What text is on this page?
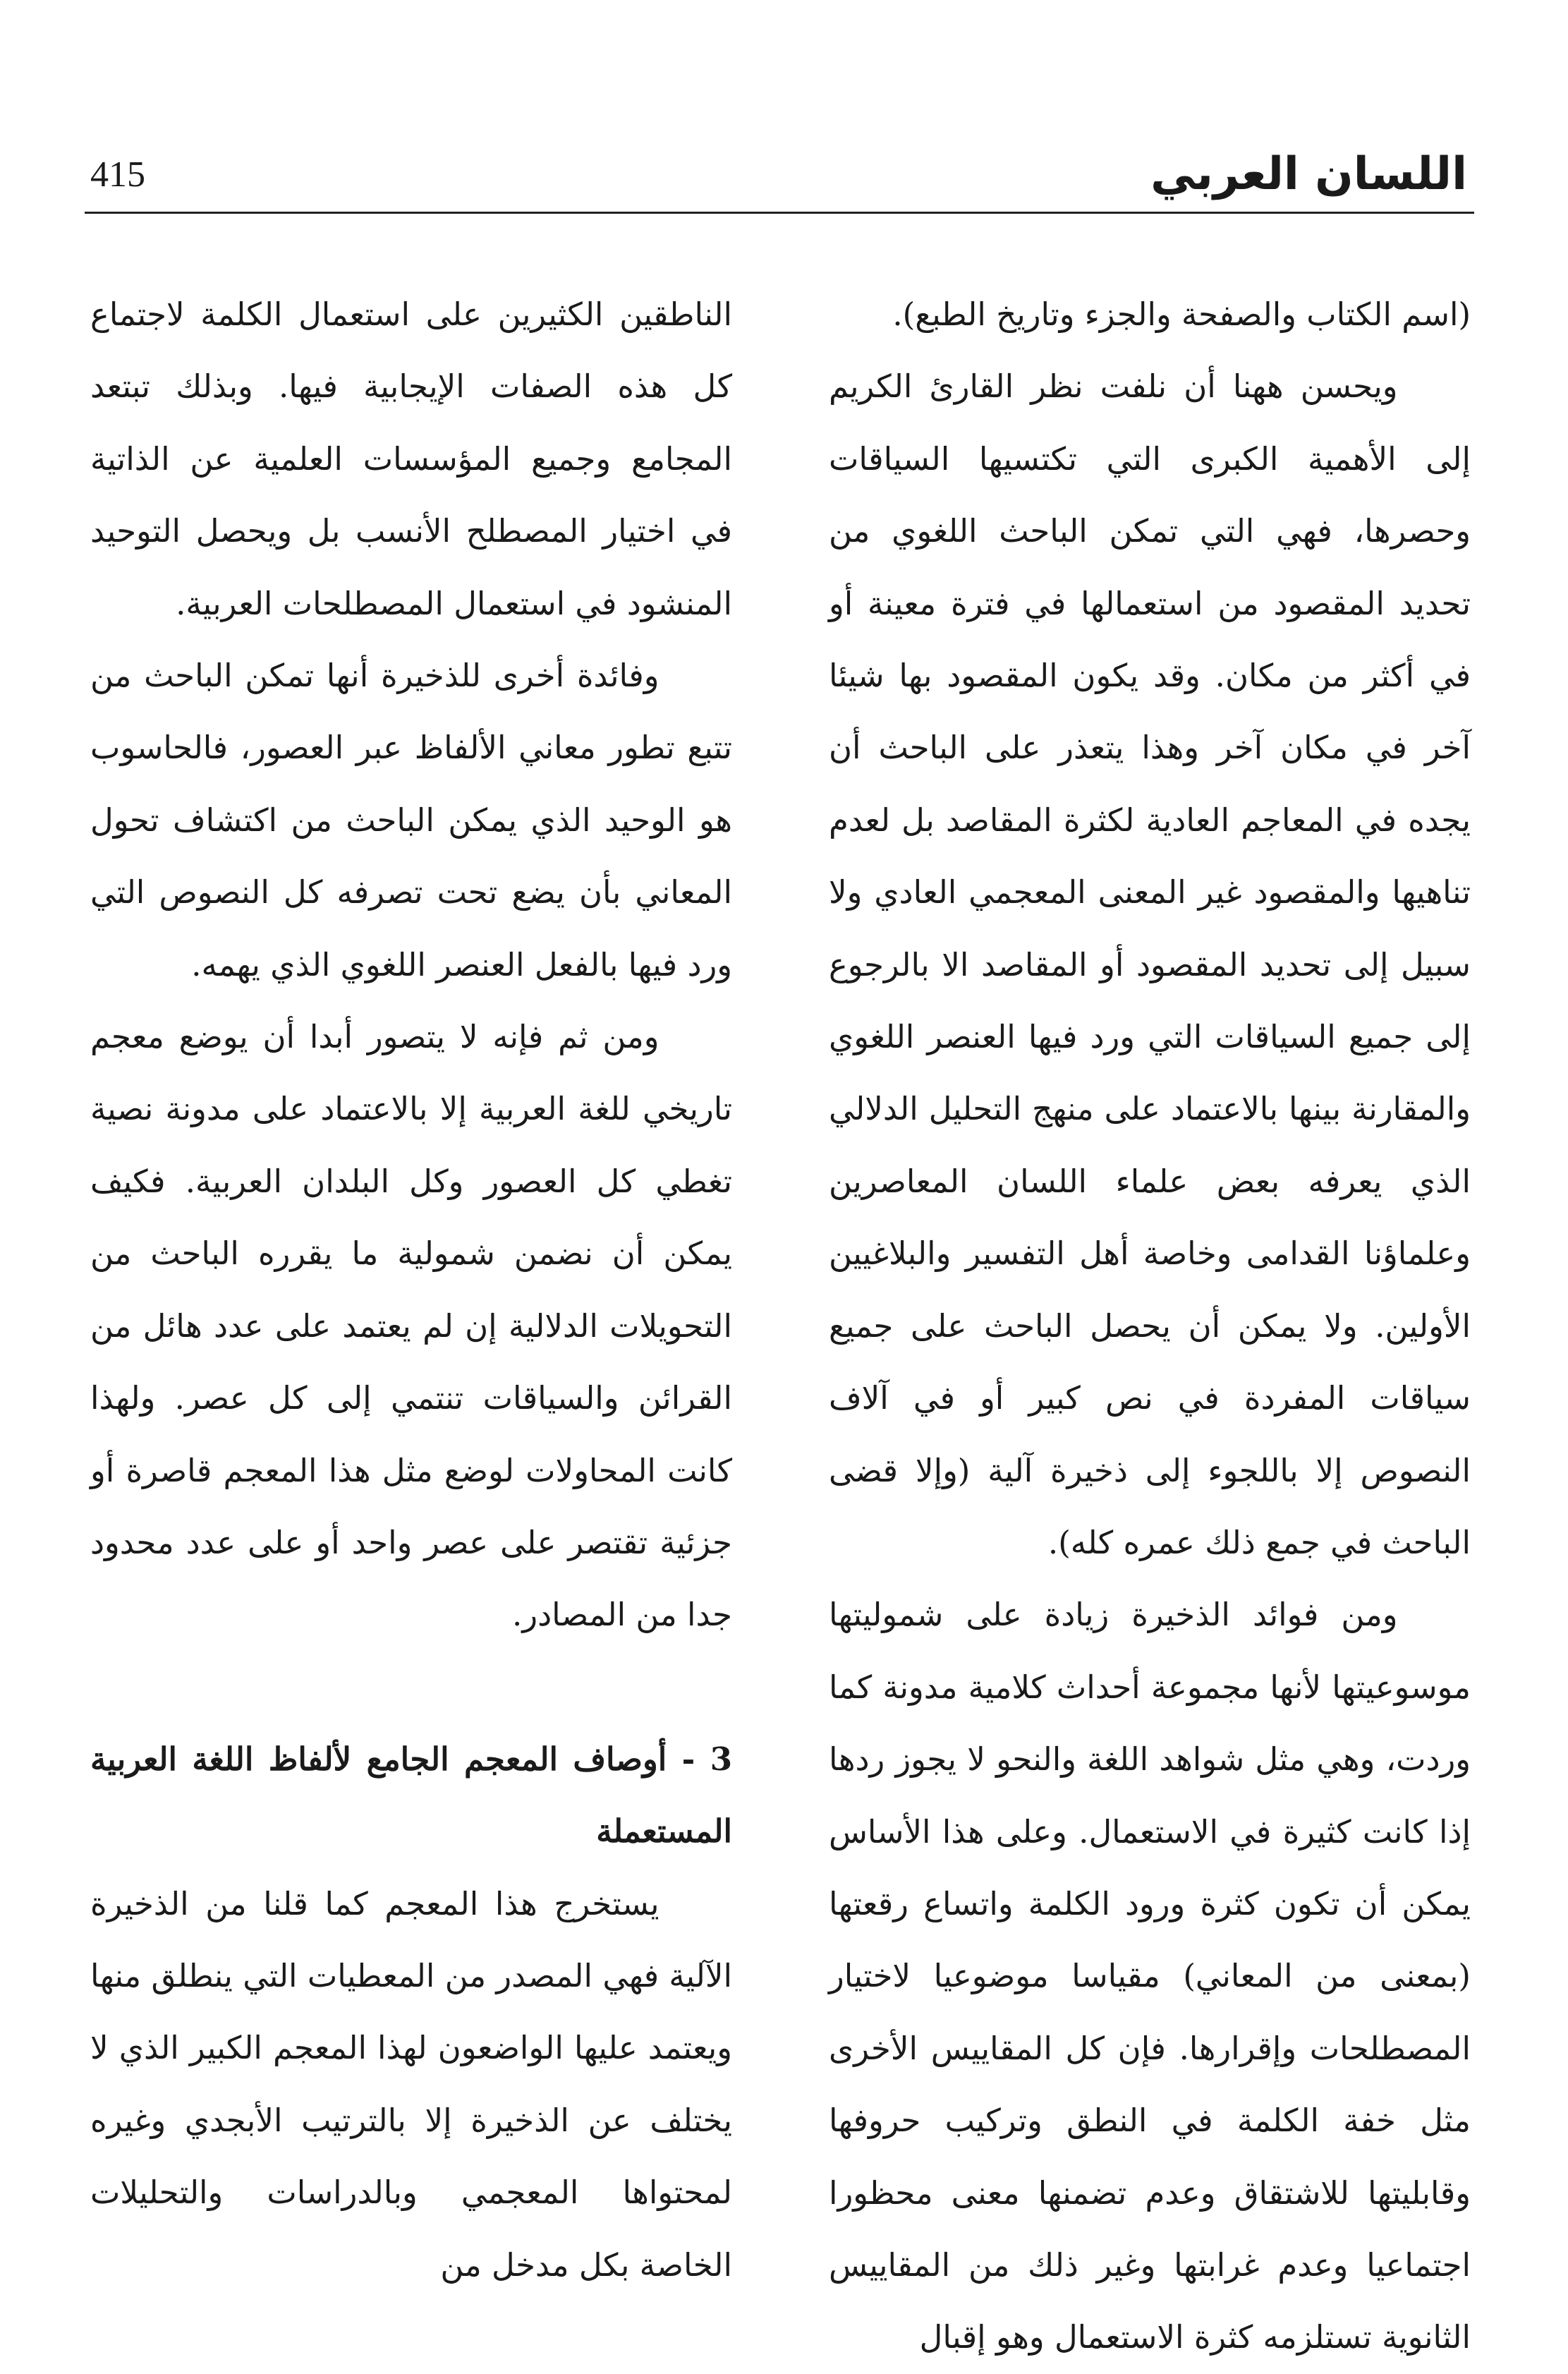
415	اللسان العربي

(اسم الكتاب والصفحة والجزء وتاريخ الطبع).

ويحسن ههنا أن نلفت نظر القارئ الكريم إلى الأهمية الكبرى التي تكتسيها السياقات وحصرها، فهي التي تمكن الباحث اللغوي من تحديد المقصود من استعمالها في فترة معينة أو في أكثر من مكان. وقد يكون المقصود بها شيئا آخر في مكان آخر وهذا يتعذر على الباحث أن يجده في المعاجم العادية لكثرة المقاصد بل لعدم تناهيها والمقصود غير المعنى المعجمي العادي ولا سبيل إلى تحديد المقصود أو المقاصد الا بالرجوع إلى جميع السياقات التي ورد فيها العنصر اللغوي والمقارنة بينها بالاعتماد على منهج التحليل الدلالي الذي يعرفه بعض علماء اللسان المعاصرين وعلماؤنا القدامى وخاصة أهل التفسير والبلاغيين الأولين. ولا يمكن أن يحصل الباحث على جميع سياقات المفردة في نص كبير أو في آلاف النصوص إلا باللجوء إلى ذخيرة آلية (وإلا قضى الباحث في جمع ذلك عمره كله).

ومن فوائد الذخيرة زيادة على شموليتها موسوعيتها لأنها مجموعة أحداث كلامية مدونة كما وردت، وهي مثل شواهد اللغة والنحو لا يجوز ردها إذا كانت كثيرة في الاستعمال. وعلى هذا الأساس يمكن أن تكون كثرة ورود الكلمة واتساع رقعتها (بمعنى من المعاني) مقياسا موضوعيا لاختيار المصطلحات وإقرارها. فإن كل المقاييس الأخرى مثل خفة الكلمة في النطق وتركيب حروفها وقابليتها للاشتقاق وعدم تضمنها معنى محظورا اجتماعيا وعدم غرابتها وغير ذلك من المقاييس الثانوية تستلزمه كثرة الاستعمال وهو إقبال

الناطقين الكثيرين على استعمال الكلمة لاجتماع كل هذه الصفات الإيجابية فيها. وبذلك تبتعد المجامع وجميع المؤسسات العلمية عن الذاتية في اختيار المصطلح الأنسب بل ويحصل التوحيد المنشود في استعمال المصطلحات العربية.

وفائدة أخرى للذخيرة أنها تمكن الباحث من تتبع تطور معاني الألفاظ عبر العصور، فالحاسوب هو الوحيد الذي يمكن الباحث من اكتشاف تحول المعاني بأن يضع تحت تصرفه كل النصوص التي ورد فيها بالفعل العنصر اللغوي الذي يهمه.

ومن ثم فإنه لا يتصور أبدا أن يوضع معجم تاريخي للغة العربية إلا بالاعتماد على مدونة نصية تغطي كل العصور وكل البلدان العربية. فكيف يمكن أن نضمن شمولية ما يقرره الباحث من التحويلات الدلالية إن لم يعتمد على عدد هائل من القرائن والسياقات تنتمي إلى كل عصر. ولهذا كانت المحاولات لوضع مثل هذا المعجم قاصرة أو جزئية تقتصر على عصر واحد أو على عدد محدود جدا من المصادر.

3 - أوصاف المعجم الجامع لألفاظ اللغة العربية المستعملة

يستخرج هذا المعجم كما قلنا من الذخيرة الآلية فهي المصدر من المعطيات التي ينطلق منها ويعتمد عليها الواضعون لهذا المعجم الكبير الذي لا يختلف عن الذخيرة إلا بالترتيب الأبجدي وغيره لمحتواها المعجمي وبالدراسات والتحليلات الخاصة بكل مدخل من
